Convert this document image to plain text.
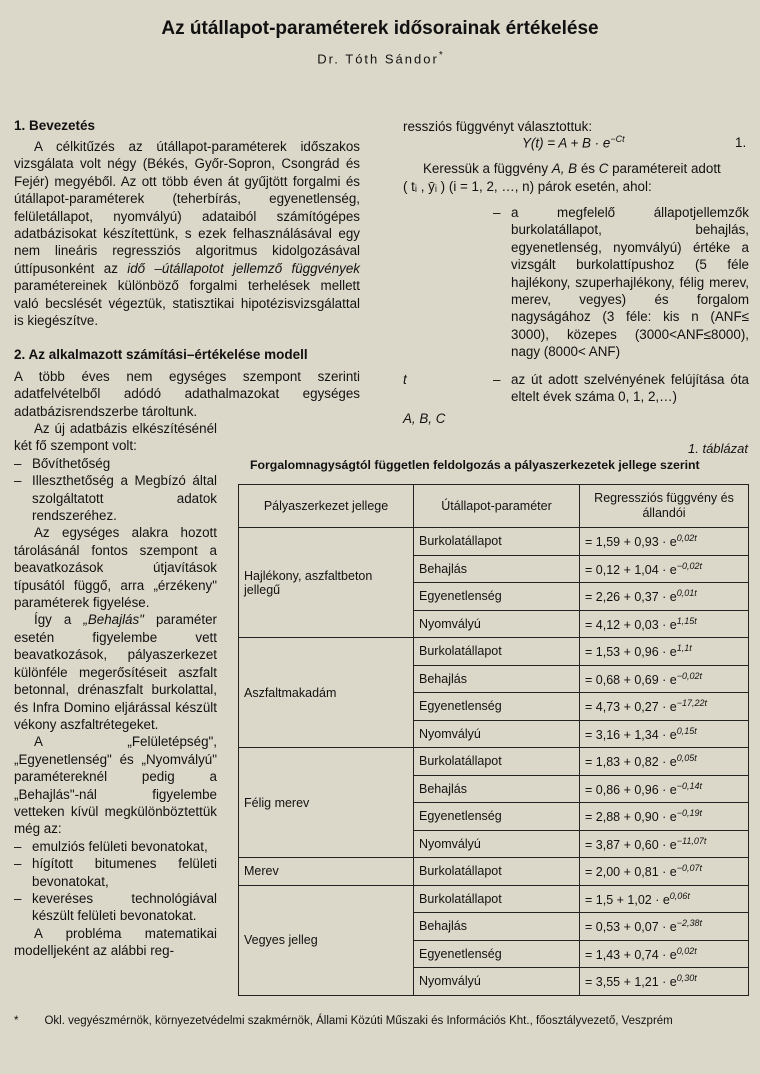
Az útállapot-paraméterek idősorainak értékelése
Dr. Tóth Sándor*
1. Bevezetés
A célkitűzés az útállapot-paraméterek időszakos vizsgálata volt négy (Békés, Győr-Sopron, Csongrád és Fejér) megyéből. Az ott több éven át gyűjtött forgalmi és útállapot-paraméterek (teherbírás, egyenetlenség, felületállapot, nyomvályú) adataiból számítógépes adatbázisokat készítettünk, s ezek felhasználásával egy nem lineáris regressziós algoritmus kidolgozásával úttípusonként az idő –útállapotot jellemző függvények paramétereinek különböző forgalmi terhelések mellett való becslését végeztük, statisztikai hipotézisvizsgálattal is kiegészítve.
2. Az alkalmazott számítási–értékelése modell
A több éves nem egységes szempont szerinti adatfelvételből adódó adathalmazokat egységes adatbázisrendszerbe tároltunk.
Az új adatbázis elkészítésénél két fő szempont volt:
– Bővíthetőség
– Illeszthetőség a Megbízó által szolgáltatott adatok rendszeréhez.
Az egységes alakra hozott tárolásánál fontos szempont a beavatkozások útjavítások típusától függő, arra „érzékeny" paraméterek figyelése.
Így a „Behajlás" paraméter esetén figyelembe vett beavatkozások, pályaszerkezet különféle megerősítéseit aszfalt betonnal, drénaszfalt burkolattal, és Infra Domino eljárással készült vékony aszfaltrétegeket.
A „Felületépség", „Egyenetlenség" és „Nyomvályú" paramétereknél pedig a „Behajlás"-nál figyelembe vetteken kívül megkülönböztettük még az:
– emulziós felületi bevonatokat,
– hígított bitumenes felületi bevonatokat,
– keveréses technológiával készült felületi bevonatokat.
A probléma matematikai modelljeként az alábbi reg-
ressziós függvényt választottuk:
$Y(t) = A + B \cdot e^{-Ct}$	1.
Keressük a függvény A, B és C paramétereit adott
( tᵢ , ȳᵢ ) (i = 1, 2, …, n) párok esetén, ahol:
– a megfelelő állapotjellemzők burkolatállapot, behajlás, egyenetlenség, nyomvályú) értéke a vizsgált burkolattípushoz (5 féle hajlékony, szuperhajlékony, félig merev, merev, vegyes) és forgalom nagyságához (3 féle: kis n (ANF≤ 3000), közepes (3000<ANF≤8000), nagy (8000< ANF)
t	– az út adott szelvényének felújítása óta eltelt évek száma 0, 1, 2,…)
A, B, C
1. táblázat
Forgalomnagyságtól független feldolgozás a pályaszerkezetek jellege szerint
Pályaszerkezet jellege	Útállapot-paraméter	Regressziós függvény és állandói
Hajlékony, aszfaltbeton jellegű	Burkolatállapot	= $1,59 + 0,93 \cdot e^{0,02t}$
	Behajlás	= $0,12 + 1,04 \cdot e^{-0,02t}$
	Egyenetlenség	= $2,26 + 0,37 \cdot e^{0,01t}$
	Nyomvályú	= $4,12 + 0,03 \cdot e^{1,15t}$
Aszfaltmakadám	Burkolatállapot	= $1,53 + 0,96 \cdot e^{1,1t}$
	Behajlás	= $0,68 + 0,69 \cdot e^{-0,02t}$
	Egyenetlenség	= $4,73 + 0,27 \cdot e^{-17,22t}$
	Nyomvályú	= $3,16 + 1,34 \cdot e^{0,15t}$
Félig merev	Burkolatállapot	= $1,83 + 0,82 \cdot e^{0,05t}$
	Behajlás	= $0,86 + 0,96 \cdot e^{-0,14t}$
	Egyenetlenség	= $2,88 + 0,90 \cdot e^{-0,19t}$
	Nyomvályú	= $3,87 + 0,60 \cdot e^{-11,07t}$
Merev	Burkolatállapot	= $2,00 + 0,81 \cdot e^{-0,07t}$
Vegyes jelleg	Burkolatállapot	= $1,5 + 1,02 \cdot e^{0,06t}$
	Behajlás	= $0,53 + 0,07 \cdot e^{-2,38t}$
	Egyenetlenség	= $1,43 + 0,74 \cdot e^{0,02t}$
	Nyomvályú	= $3,55 + 1,21 \cdot e^{0,30t}$
* Okl. vegyészmérnök, környezetvédelmi szakmérnök, Állami Közúti Műszaki és Információs Kht., főosztályvezető, Veszprém
